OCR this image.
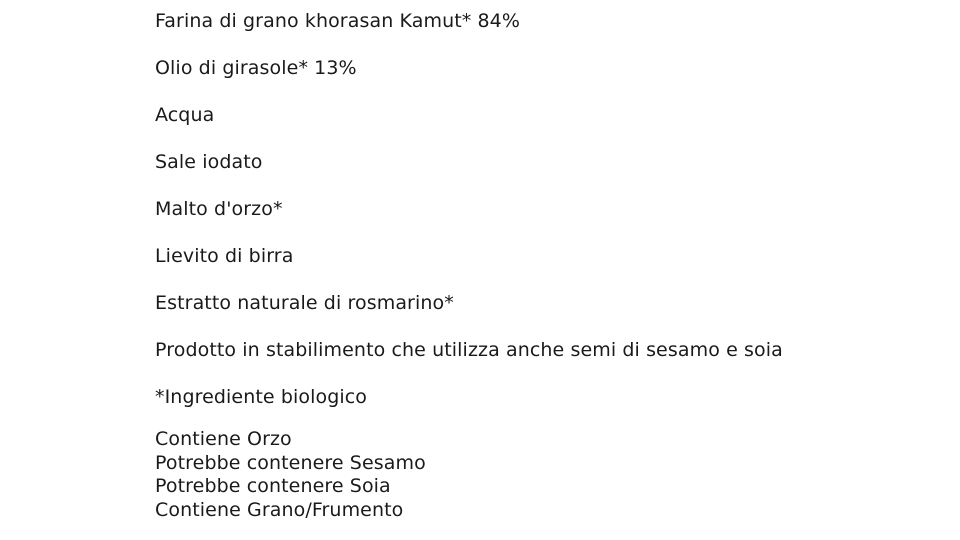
Farina di grano khorasan Kamut* 84%
Olio di girasole* 13%
Acqua
Sale iodato
Malto d'orzo*
Lievito di birra
Estratto naturale di rosmarino*
Prodotto in stabilimento che utilizza anche semi di sesamo e soia
*Ingrediente biologico
Contiene Orzo
Potrebbe contenere Sesamo
Potrebbe contenere Soia
Contiene Grano/Frumento
